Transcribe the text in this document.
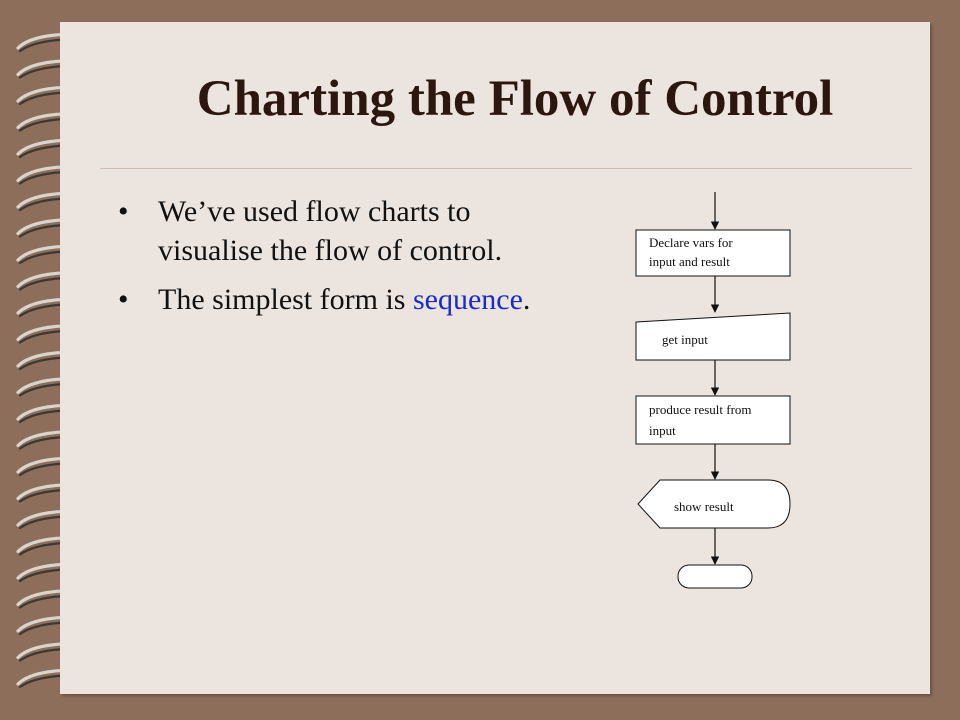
Charting the Flow of Control
• We’ve used flow charts to visualise the flow of control.
• The simplest form is sequence.
Declare vars for
input and result
get input
produce result from
input
show result
